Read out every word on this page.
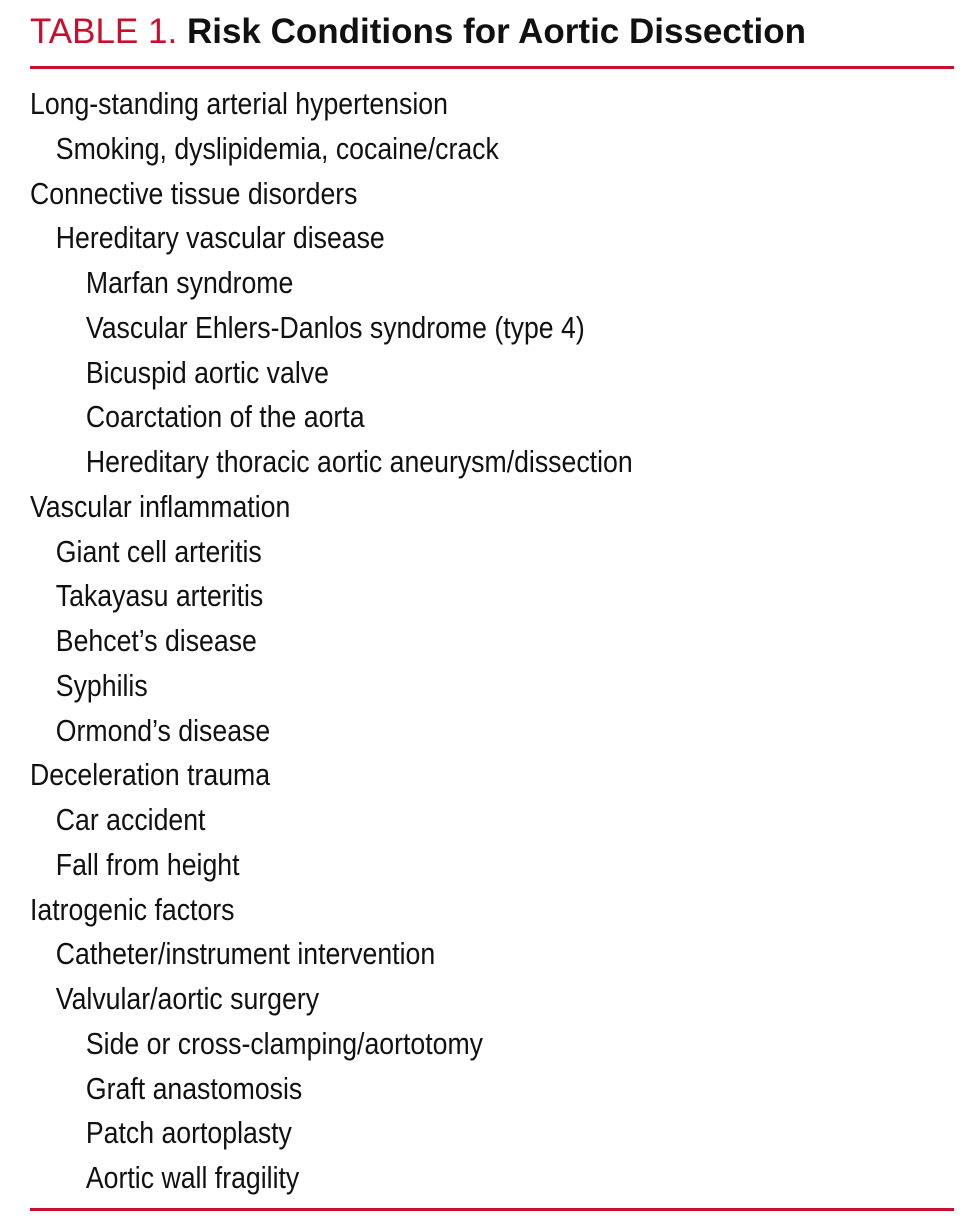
TABLE 1. Risk Conditions for Aortic Dissection
Long-standing arterial hypertension
Smoking, dyslipidemia, cocaine/crack
Connective tissue disorders
Hereditary vascular disease
Marfan syndrome
Vascular Ehlers-Danlos syndrome (type 4)
Bicuspid aortic valve
Coarctation of the aorta
Hereditary thoracic aortic aneurysm/dissection
Vascular inflammation
Giant cell arteritis
Takayasu arteritis
Behcet’s disease
Syphilis
Ormond’s disease
Deceleration trauma
Car accident
Fall from height
Iatrogenic factors
Catheter/instrument intervention
Valvular/aortic surgery
Side or cross-clamping/aortotomy
Graft anastomosis
Patch aortoplasty
Aortic wall fragility
